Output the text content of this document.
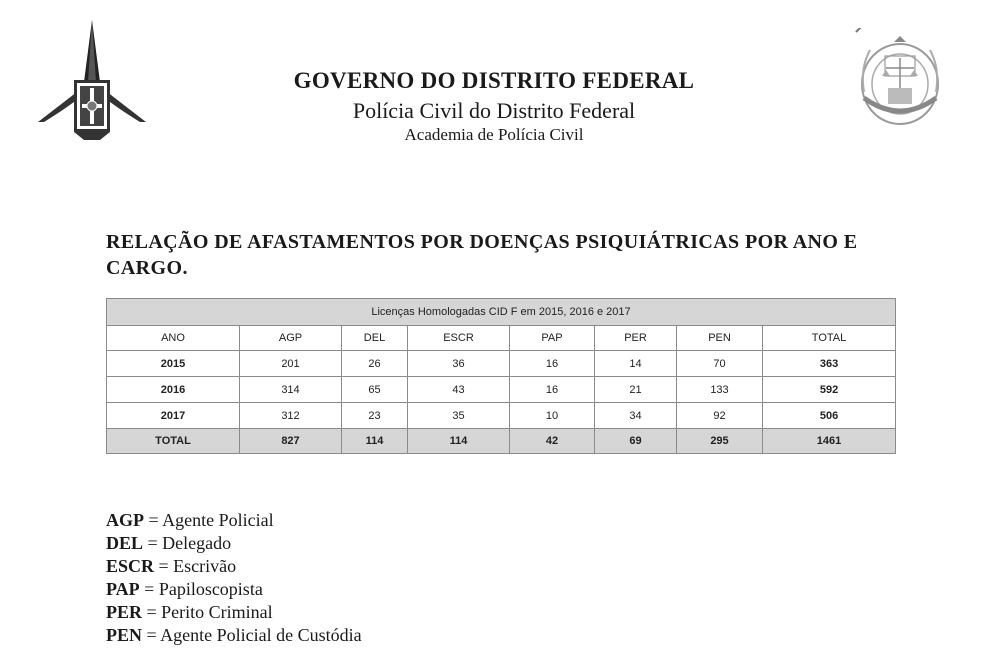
GOVERNO DO DISTRITO FEDERAL
Polícia Civil do Distrito Federal
Academia de Polícia Civil
RELAÇÃO DE AFASTAMENTOS POR DOENÇAS PSIQUIÁTRICAS POR ANO E CARGO.
Licenças Homologadas CID F em 2015, 2016 e 2017							
ANO	AGP	DEL	ESCR	PAP	PER	PEN	TOTAL
2015	201	26	36	16	14	70	363
2016	314	65	43	16	21	133	592
2017	312	23	35	10	34	92	506
TOTAL	827	114	114	42	69	295	1461
AGP = Agente Policial
DEL = Delegado
ESCR = Escrivão
PAP = Papiloscopista
PER = Perito Criminal
PEN = Agente Policial de Custódia
